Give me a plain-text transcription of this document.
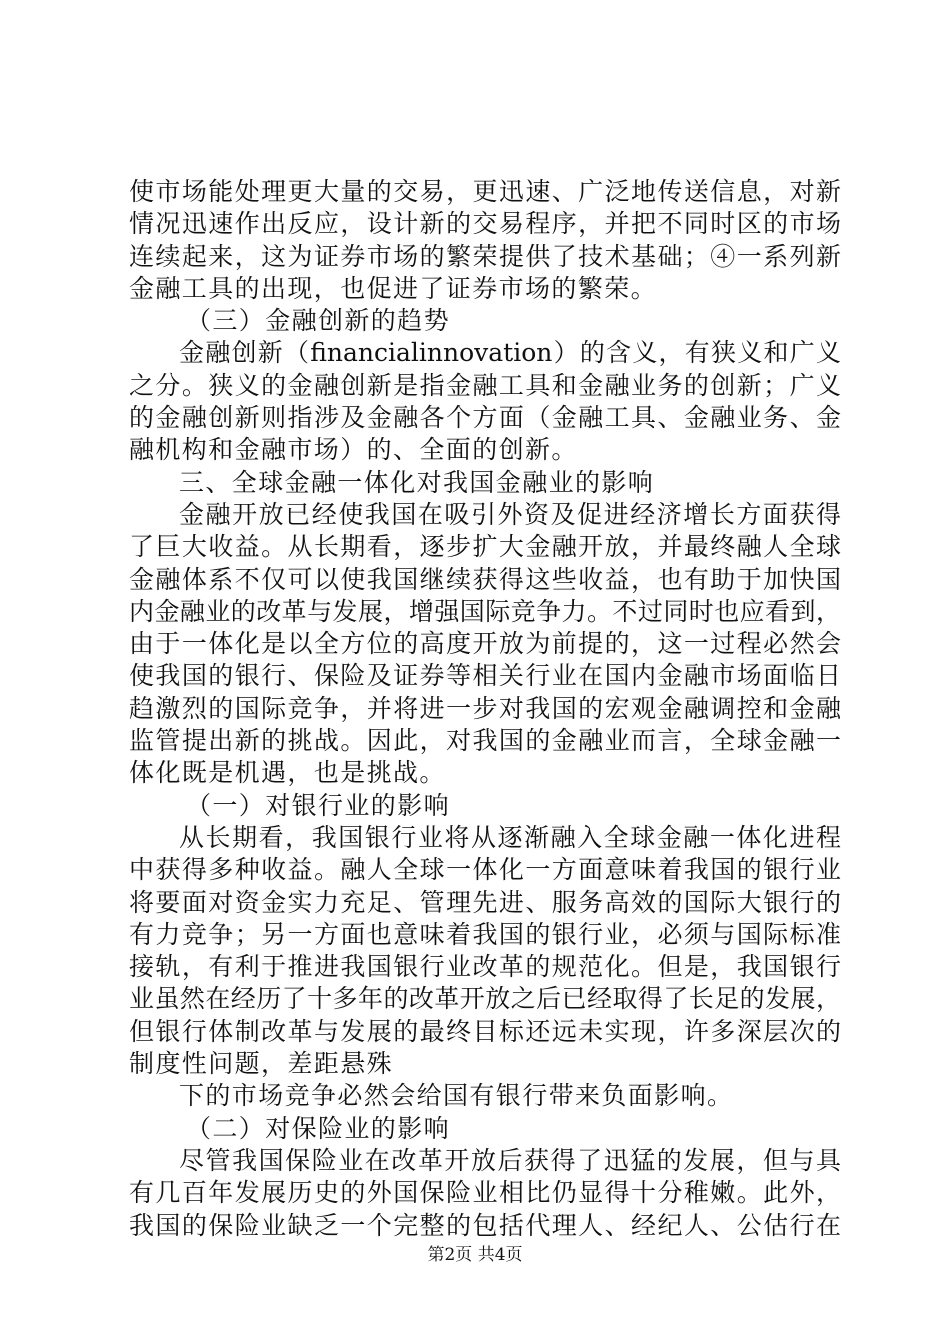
使市场能处理更大量的交易，更迅速、广泛地传送信息，对新
情况迅速作出反应，设计新的交易程序，并把不同时区的市场
连续起来，这为证券市场的繁荣提供了技术基础；④一系列新
金融工具的出现，也促进了证券市场的繁荣。
（三）金融创新的趋势
金融创新（financialinnovation）的含义，有狭义和广义
之分。狭义的金融创新是指金融工具和金融业务的创新；广义
的金融创新则指涉及金融各个方面（金融工具、金融业务、金
融机构和金融市场）的、全面的创新。
三、全球金融一体化对我国金融业的影响
金融开放已经使我国在吸引外资及促进经济增长方面获得
了巨大收益。从长期看，逐步扩大金融开放，并最终融人全球
金融体系不仅可以使我国继续获得这些收益，也有助于加快国
内金融业的改革与发展，增强国际竞争力。不过同时也应看到，
由于一体化是以全方位的高度开放为前提的，这一过程必然会
使我国的银行、保险及证券等相关行业在国内金融市场面临日
趋激烈的国际竞争，并将进一步对我国的宏观金融调控和金融
监管提出新的挑战。因此，对我国的金融业而言，全球金融一
体化既是机遇，也是挑战。
（一）对银行业的影响
从长期看，我国银行业将从逐渐融入全球金融一体化进程
中获得多种收益。融人全球一体化一方面意味着我国的银行业
将要面对资金实力充足、管理先进、服务高效的国际大银行的
有力竞争；另一方面也意味着我国的银行业，必须与国际标准
接轨，有利于推进我国银行业改革的规范化。但是，我国银行
业虽然在经历了十多年的改革开放之后已经取得了长足的发展，
但银行体制改革与发展的最终目标还远未实现，许多深层次的
制度性问题，差距悬殊
下的市场竞争必然会给国有银行带来负面影响。
（二）对保险业的影响
尽管我国保险业在改革开放后获得了迅猛的发展，但与具
有几百年发展历史的外国保险业相比仍显得十分稚嫩。此外，
我国的保险业缺乏一个完整的包括代理人、经纪人、公估行在
第2页 共4页
